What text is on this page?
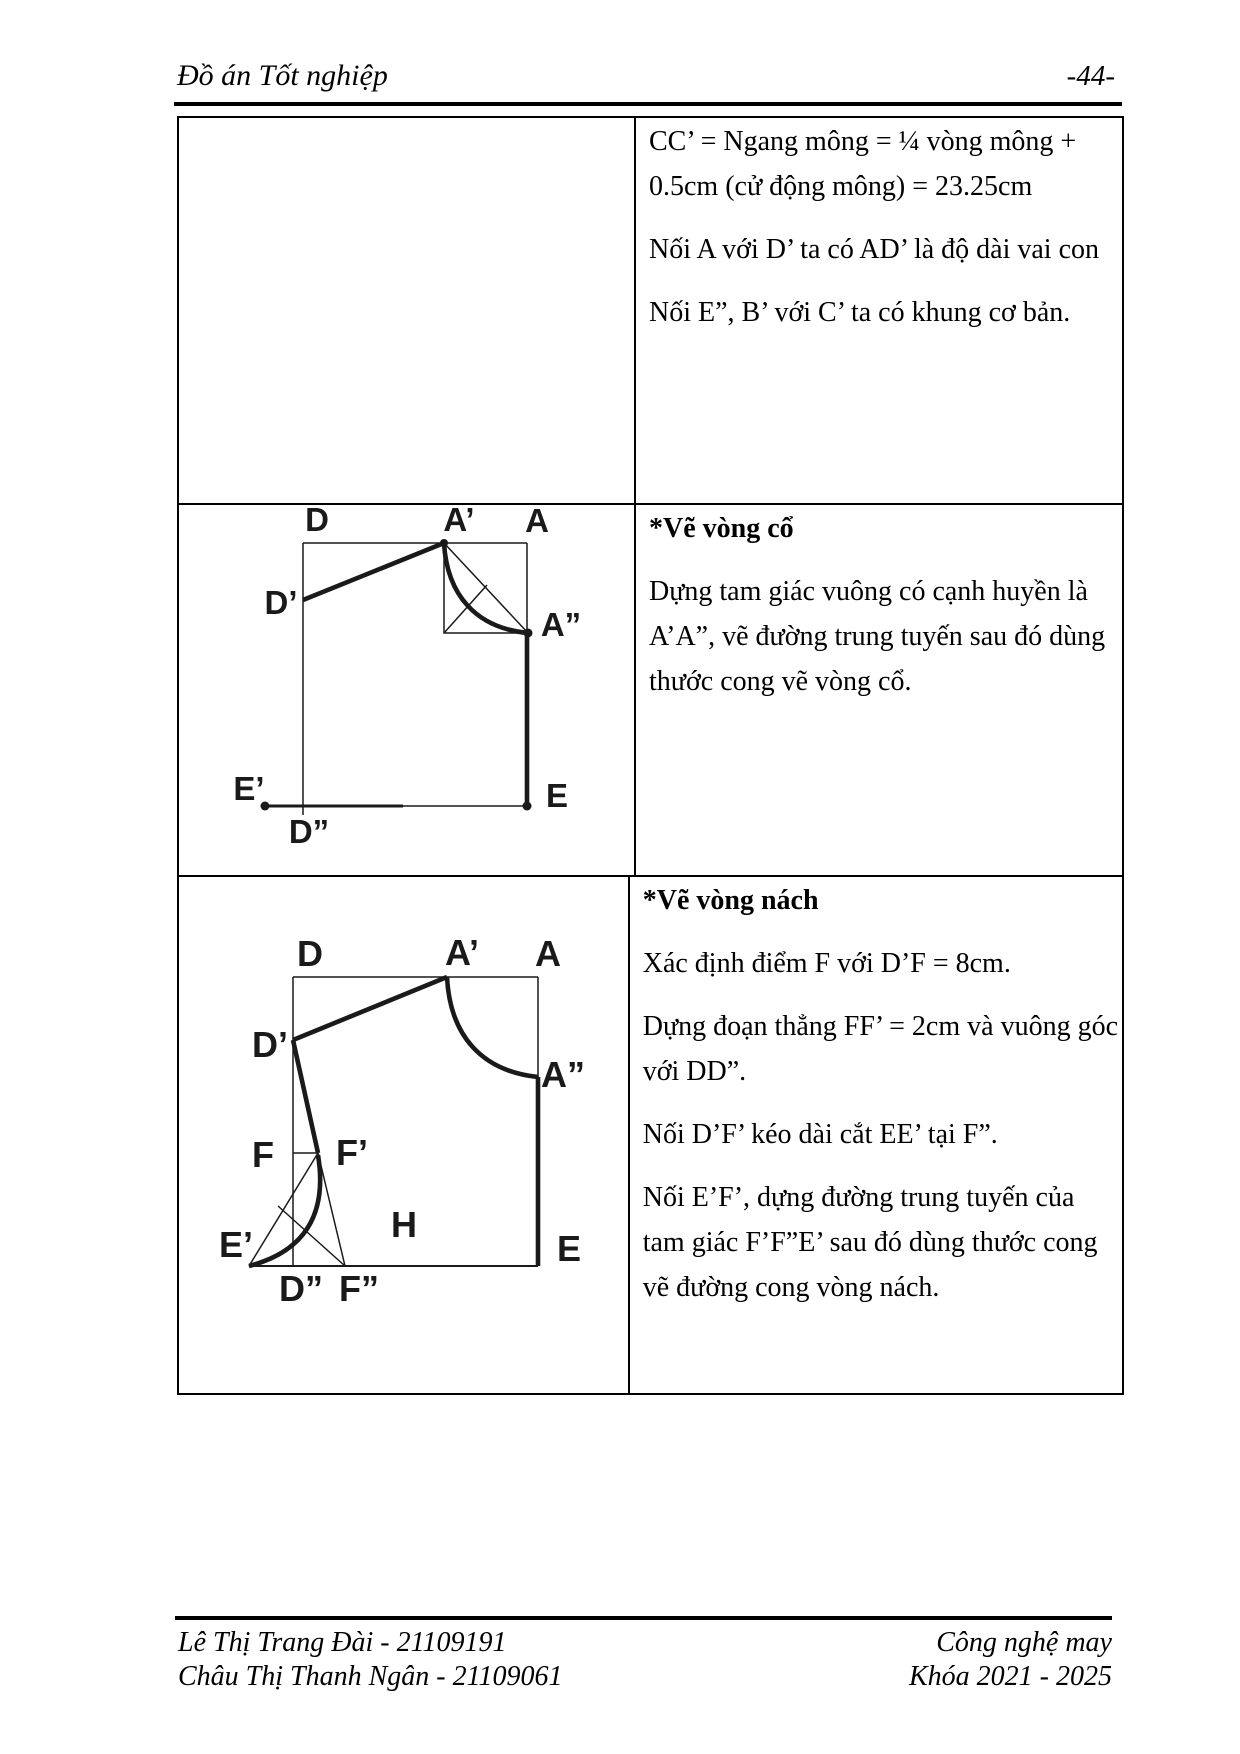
Đồ án Tốt nghiệp	-44-
CC’ = Ngang mông = ¼ vòng mông +
0.5cm (cử động mông) = 23.25cm
Nối A với D’ ta có AD’ là độ dài vai con
Nối E”, B’ với C’ ta có khung cơ bản.
*Vẽ vòng cổ
Dựng tam giác vuông có cạnh huyền là
A’A”, vẽ đường trung tuyến sau đó dùng
thước cong vẽ vòng cổ.
*Vẽ vòng nách
Xác định điểm F với D’F = 8cm.
Dựng đoạn thẳng FF’ = 2cm và vuông góc
với DD”.
Nối D’F’ kéo dài cắt EE’ tại F”.
Nối E’F’, dựng đường trung tuyến của
tam giác F’F”E’ sau đó dùng thước cong
vẽ đường cong vòng nách.
D	A’ A
D’
A”
E’
D”
E
D	A’ A
D’
A”
F F’
E’
D” F”
H
E
Lê Thị Trang Đài - 21109191
Châu Thị Thanh Ngân - 21109061
Công nghệ may
Khóa 2021 - 2025
